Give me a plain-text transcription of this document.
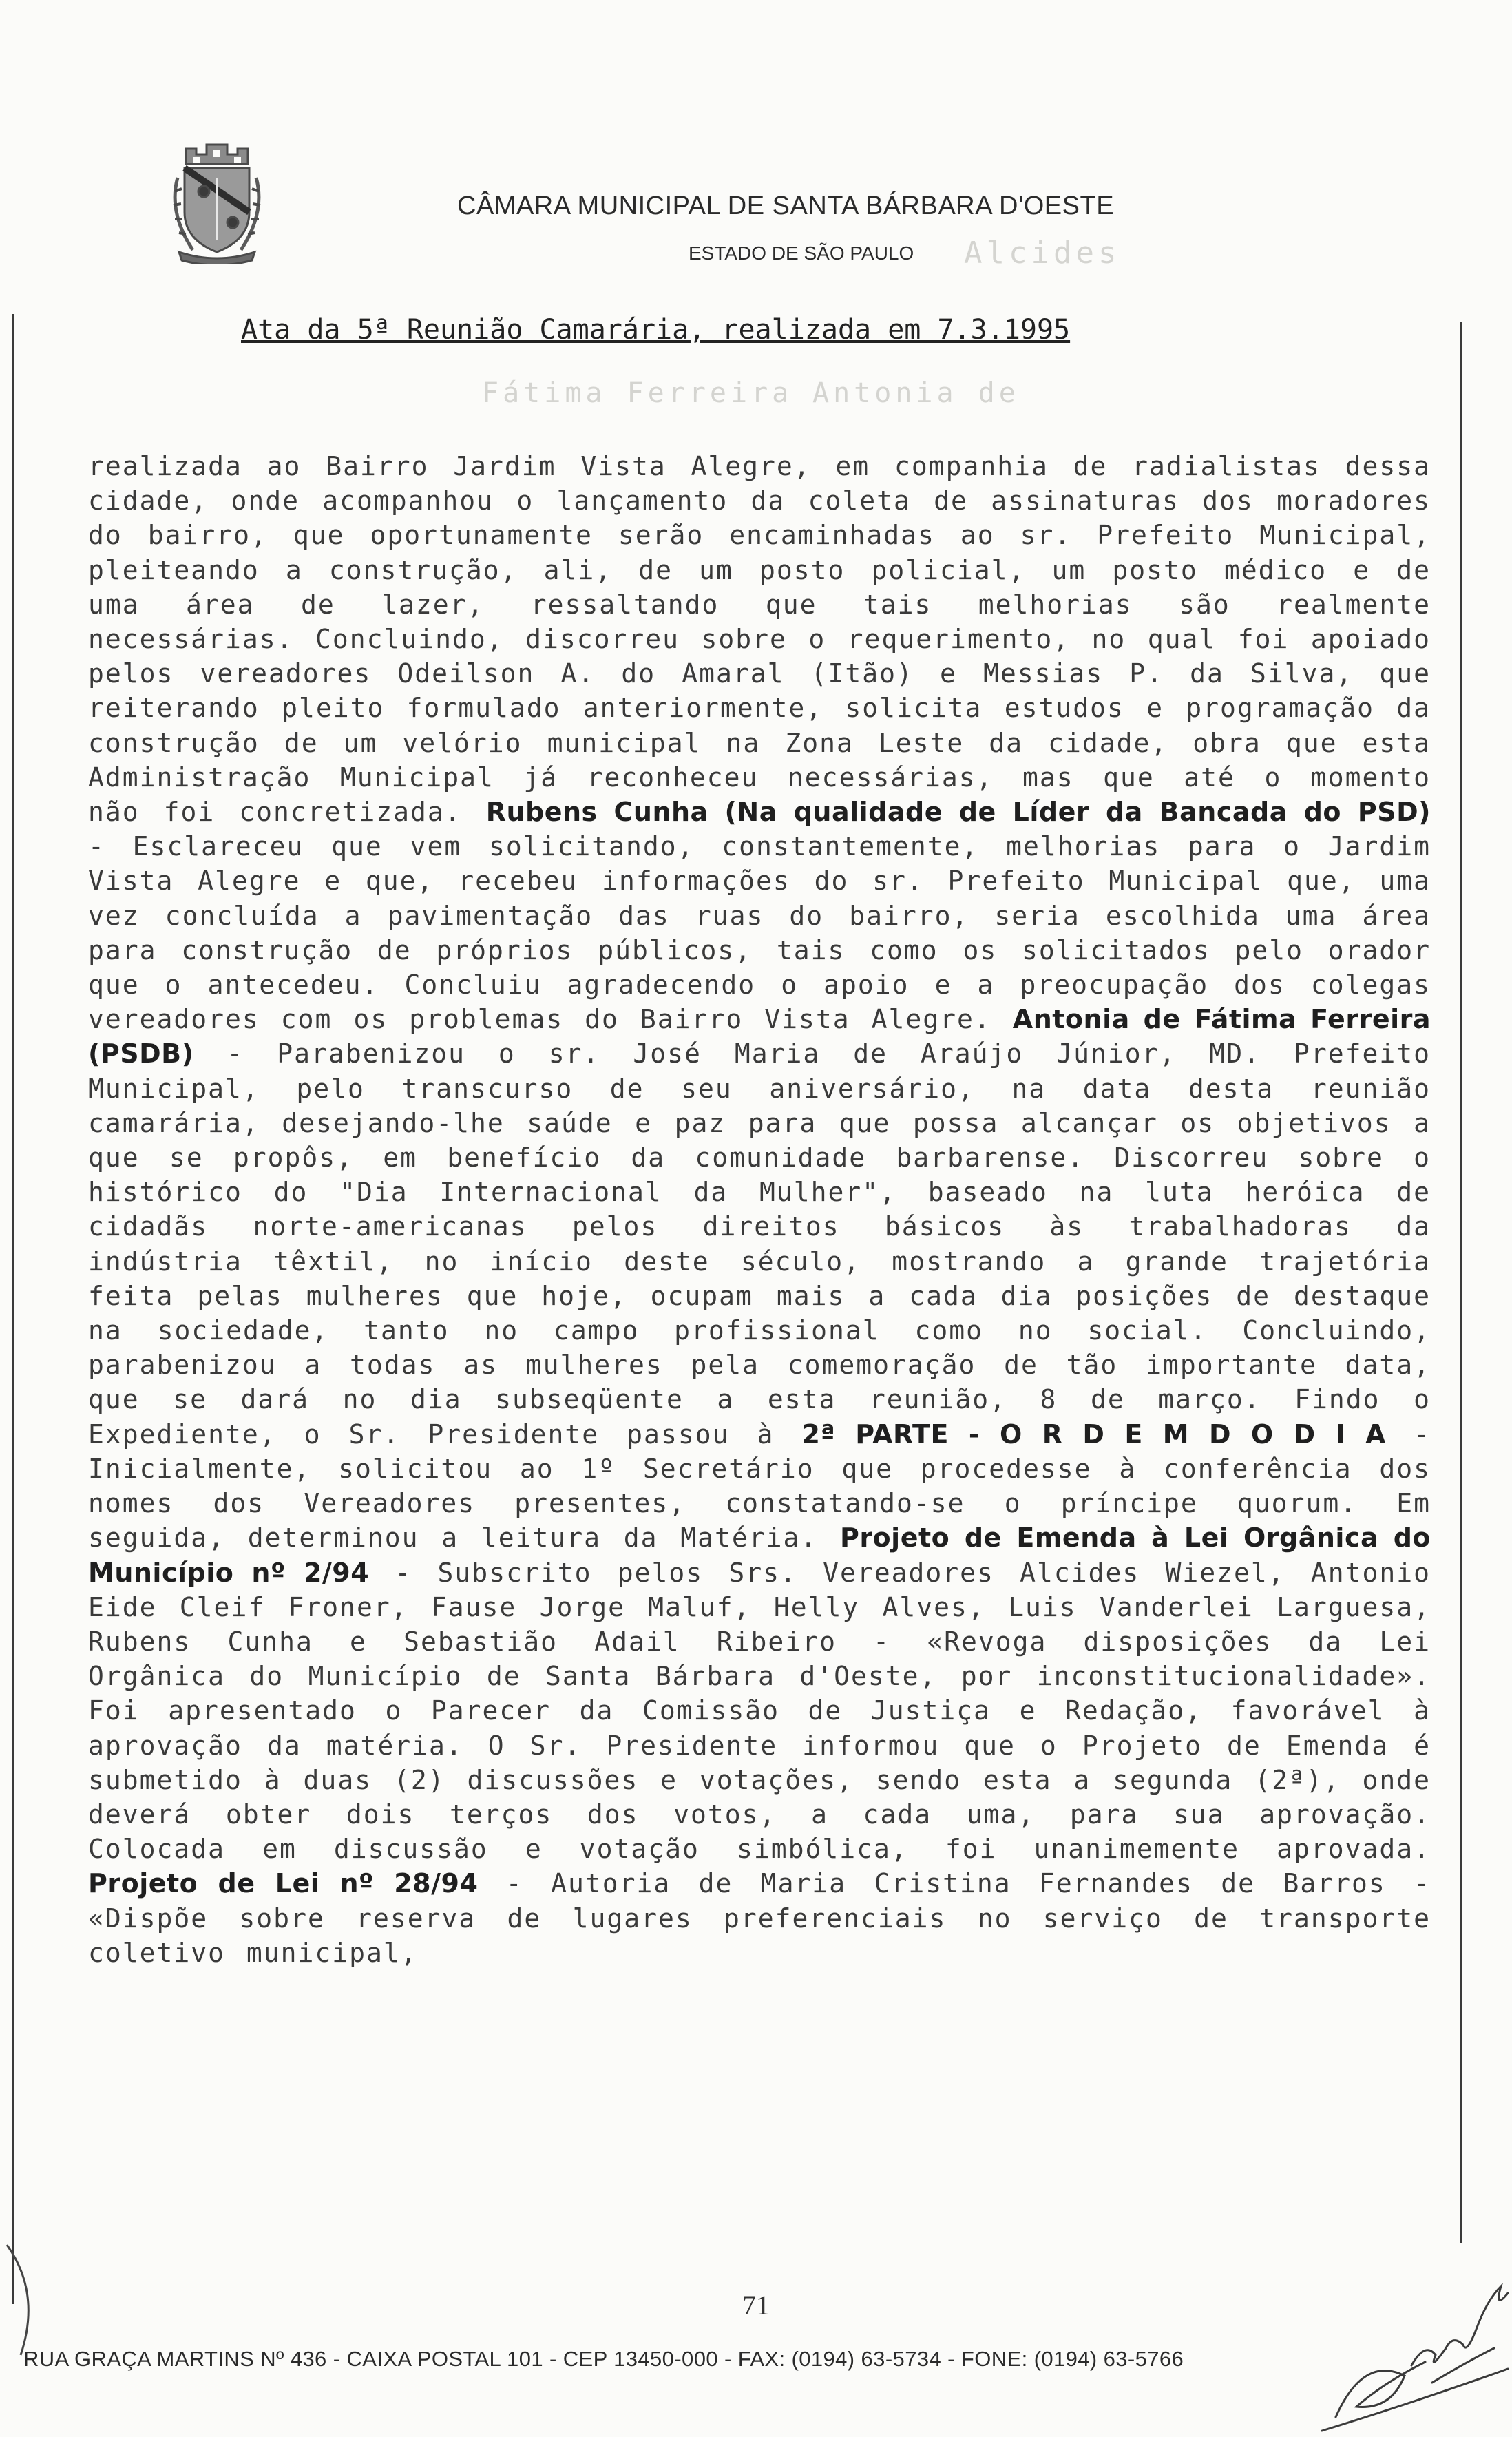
CÂMARA MUNICIPAL DE SANTA BÁRBARA D'OESTE
ESTADO DE SÃO PAULO Alcides
Antonia de
Fátima Ferreira
Ata da 5ª Reunião Camarária, realizada em 7.3.1995
realizada ao Bairro Jardim Vista Alegre, em companhia de radialistas dessa cidade, onde acompanhou o lançamento da coleta de assinaturas dos moradores do bairro, que oportunamente serão encaminhadas ao sr. Prefeito Municipal, pleiteando a construção, ali, de um posto policial, um posto médico e de uma área de lazer, ressaltando que tais melhorias são realmente necessárias. Concluindo, discorreu sobre o requerimento, no qual foi apoiado pelos vereadores Odeilson A. do Amaral (Itão) e Messias P. da Silva, que reiterando pleito formulado anteriormente, solicita estudos e programação da construção de um velório municipal na Zona Leste da cidade, obra que esta Administração Municipal já reconheceu necessárias, mas que até o momento não foi concretizada. Rubens Cunha (Na qualidade de Líder da Bancada do PSD) - Esclareceu que vem solicitando, constantemente, melhorias para o Jardim Vista Alegre e que, recebeu informações do sr. Prefeito Municipal que, uma vez concluída a pavimentação das ruas do bairro, seria escolhida uma área para construção de próprios públicos, tais como os solicitados pelo orador que o antecedeu. Concluiu agradecendo o apoio e a preocupação dos colegas vereadores com os problemas do Bairro Vista Alegre. Antonia de Fátima Ferreira (PSDB) - Parabenizou o sr. José Maria de Araújo Júnior, MD. Prefeito Municipal, pelo transcurso de seu aniversário, na data desta reunião camarária, desejando-lhe saúde e paz para que possa alcançar os objetivos a que se propôs, em benefício da comunidade barbarense. Discorreu sobre o histórico do "Dia Internacional da Mulher", baseado na luta heróica de cidadãs norte-americanas pelos direitos básicos às trabalhadoras da indústria têxtil, no início deste século, mostrando a grande trajetória feita pelas mulheres que hoje, ocupam mais a cada dia posições de destaque na sociedade, tanto no campo profissional como no social. Concluindo, parabenizou a todas as mulheres pela comemoração de tão importante data, que se dará no dia subseqüente a esta reunião, 8 de março. Findo o Expediente, o Sr. Presidente passou à 2ª PARTE - O R D E M D O D I A - Inicialmente, solicitou ao 1º Secretário que procedesse à conferência dos nomes dos Vereadores presentes, constatando-se o príncipe quorum. Em seguida, determinou a leitura da Matéria. Projeto de Emenda à Lei Orgânica do Município nº 2/94 - Subscrito pelos Srs. Vereadores Alcides Wiezel, Antonio Eide Cleif Froner, Fause Jorge Maluf, Helly Alves, Luis Vanderlei Larguesa, Rubens Cunha e Sebastião Adail Ribeiro - «Revoga disposições da Lei Orgânica do Município de Santa Bárbara d'Oeste, por inconstitucionalidade». Foi apresentado o Parecer da Comissão de Justiça e Redação, favorável à aprovação da matéria. O Sr. Presidente informou que o Projeto de Emenda é submetido à duas (2) discussões e votações, sendo esta a segunda (2ª), onde deverá obter dois terços dos votos, a cada uma, para sua aprovação. Colocada em discussão e votação simbólica, foi unanimemente aprovada. Projeto de Lei nº 28/94 - Autoria de Maria Cristina Fernandes de Barros - «Dispõe sobre reserva de lugares preferenciais no serviço de transporte coletivo municipal,
71
RUA GRAÇA MARTINS Nº 436 - CAIXA POSTAL 101 - CEP 13450-000 - FAX: (0194) 63-5734 - FONE: (0194) 63-5766
